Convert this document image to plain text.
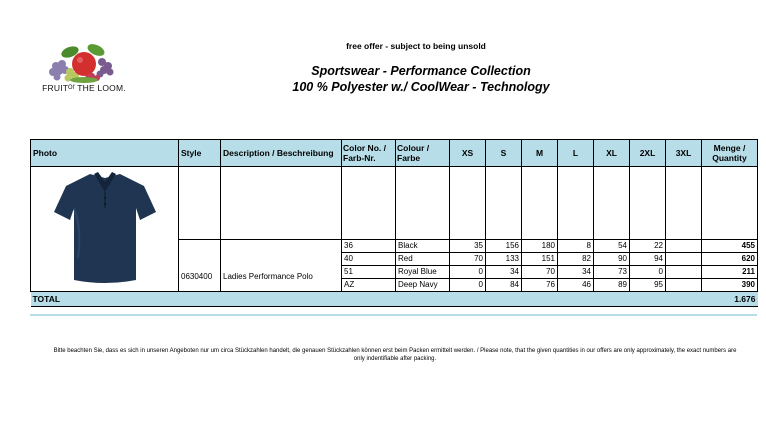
FRUITᴼᶠ THE LOOM.
free offer - subject to being unsold
Sportswear - Performance Collection
100 % Polyester w./ CoolWear - Technology
Photo	Style	Description / Beschreibung	Color No. / Farb-Nr.	Colour / Farbe	XS	S	M	L	XL	2XL	3XL	Menge / Quantity

	0630400	Ladies Performance Polo	36	Black	35	156	180	8	54	22		455
			40	Red	70	133	151	82	90	94		620
			51	Royal Blue	0	34	70	34	73	0		211
			AZ	Deep Navy	0	84	76	46	89	95		390
TOTAL												1.676
Bitte beachten Sie, dass es sich in unseren Angeboten nur um circa Stückzahlen handelt, die genauen Stückzahlen können erst beim Packen ermittelt werden. / Please note, that the given quantities in our offers are only approximately, the exact numbers are only indentifiable after packing.
